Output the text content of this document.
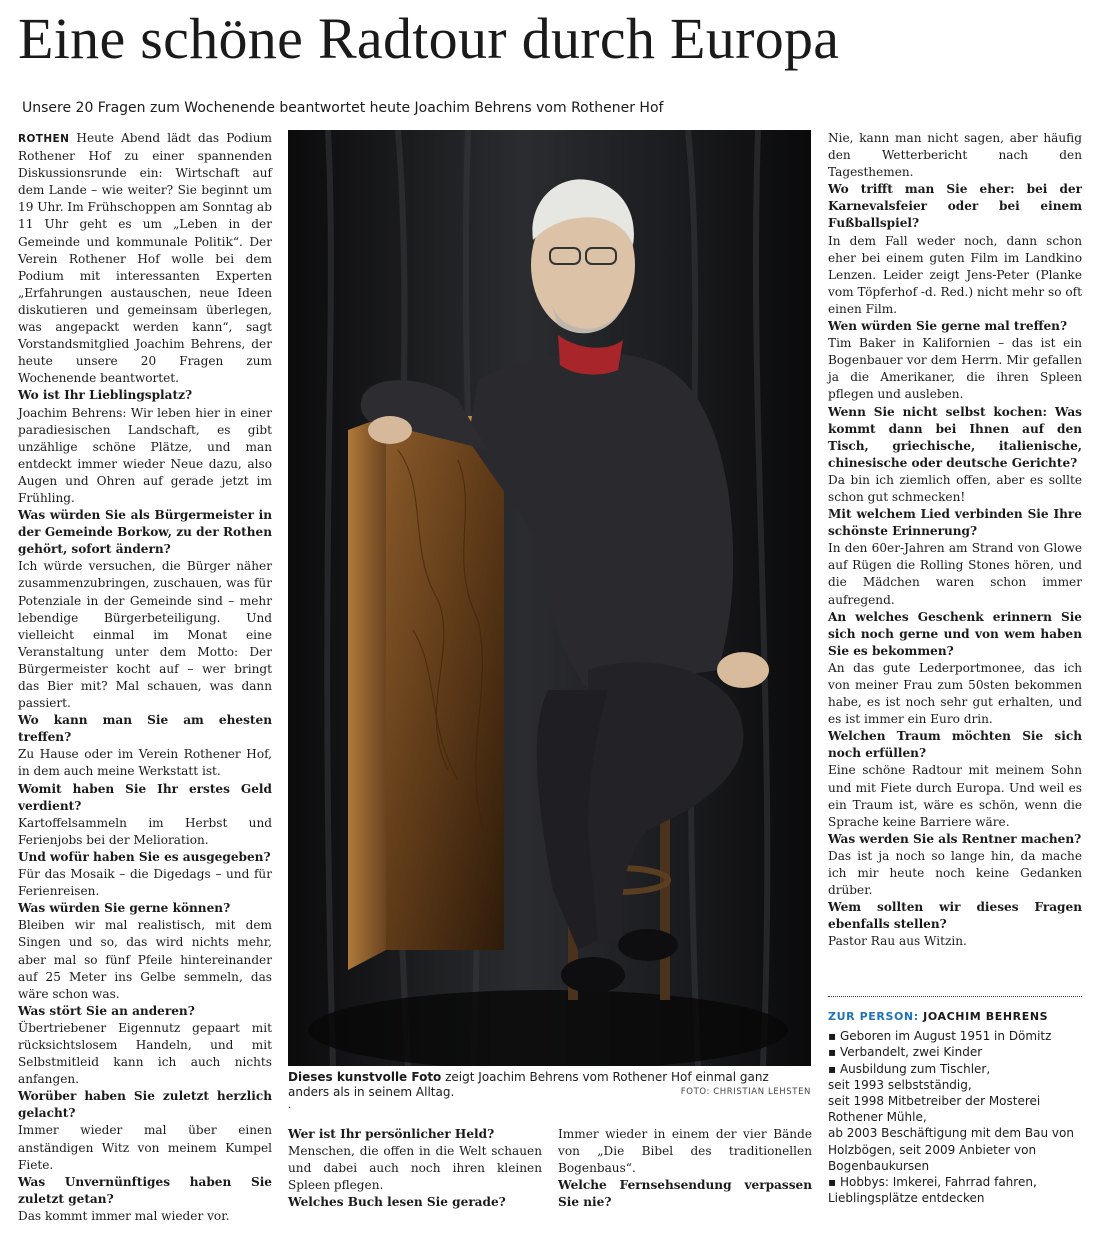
Eine schöne Radtour durch Europa
Unsere 20 Fragen zum Wochenende beantwortet heute Joachim Behrens vom Rothener Hof

ROTHEN Heute Abend lädt das Podium Rothener Hof zu einer spannenden Diskussionsrunde ein: Wirtschaft auf dem Lande – wie weiter? Sie beginnt um 19 Uhr. Im Frühschoppen am Sonntag ab 11 Uhr geht es um „Leben in der Gemeinde und kommunale Politik“. Der Verein Rothener Hof wolle bei dem Podium mit interessanten Experten „Erfahrungen austauschen, neue Ideen diskutieren und gemeinsam überlegen, was angepackt werden kann“, sagt Vorstandsmitglied Joachim Behrens, der heute unsere 20 Fragen zum Wochenende beantwortet.

Wo ist Ihr Lieblingsplatz?

Joachim Behrens: Wir leben hier in einer paradiesischen Landschaft, es gibt unzählige schöne Plätze, und man entdeckt immer wieder Neue dazu, also Augen und Ohren auf gerade jetzt im Frühling.

Was würden Sie als Bürgermeister in der Gemeinde Borkow, zu der Rothen gehört, sofort ändern?

Ich würde versuchen, die Bürger näher zusammenzubringen, zuschauen, was für Potenziale in der Gemeinde sind – mehr lebendige Bürgerbeteiligung. Und vielleicht einmal im Monat eine Veranstaltung unter dem Motto: Der Bürgermeister kocht auf – wer bringt das Bier mit? Mal schauen, was dann passiert.

Wo kann man Sie am ehesten treffen?

Zu Hause oder im Verein Rothener Hof, in dem auch meine Werkstatt ist.

Womit haben Sie Ihr erstes Geld verdient?

Kartoffelsammeln im Herbst und Ferienjobs bei der Melioration.

Und wofür haben Sie es ausgegeben?

Für das Mosaik – die Digedags – und für Ferienreisen.

Was würden Sie gerne können?

Bleiben wir mal realistisch, mit dem Singen und so, das wird nichts mehr, aber mal so fünf Pfeile hintereinander auf 25 Meter ins Gelbe semmeln, das wäre schon was.

Was stört Sie an anderen?

Übertriebener Eigennutz gepaart mit rücksichtslosem Handeln, und mit Selbstmitleid kann ich auch nichts anfangen.

Worüber haben Sie zuletzt herzlich gelacht?

Immer wieder mal über einen anständigen Witz von meinem Kumpel Fiete.

Was Unvernünftiges haben Sie zuletzt getan?

Das kommt immer mal wieder vor.

Dieses kunstvolle Foto zeigt Joachim Behrens vom Rothener Hof einmal ganz anders als in seinem Alltag.	FOTO: CHRISTIAN LEHSTEN
.

Wer ist Ihr persönlicher Held?

Menschen, die offen in die Welt schauen und dabei auch noch ihren kleinen Spleen pflegen.

Welches Buch lesen Sie gerade?

Immer wieder in einem der vier Bände von „Die Bibel des traditionellen Bogenbaus“.

Welche Fernsehsendung verpassen Sie nie?

Nie, kann man nicht sagen, aber häufig den Wetterbericht nach den Tagesthemen.

Wo trifft man Sie eher: bei der Karnevalsfeier oder bei einem Fußballspiel?

In dem Fall weder noch, dann schon eher bei einem guten Film im Landkino Lenzen. Leider zeigt Jens-Peter (Planke vom Töpferhof -d. Red.) nicht mehr so oft einen Film.

Wen würden Sie gerne mal treffen?

Tim Baker in Kalifornien – das ist ein Bogenbauer vor dem Herrn. Mir gefallen ja die Amerikaner, die ihren Spleen pflegen und ausleben.

Wenn Sie nicht selbst kochen: Was kommt dann bei Ihnen auf den Tisch, griechische, italienische, chinesische oder deutsche Gerichte?

Da bin ich ziemlich offen, aber es sollte schon gut schmecken!

Mit welchem Lied verbinden Sie Ihre schönste Erinnerung?

In den 60er-Jahren am Strand von Glowe auf Rügen die Rolling Stones hören, und die Mädchen waren schon immer aufregend.

An welches Geschenk erinnern Sie sich noch gerne und von wem haben Sie es bekommen?

An das gute Lederportmonee, das ich von meiner Frau zum 50sten bekommen habe, es ist noch sehr gut erhalten, und es ist immer ein Euro drin.

Welchen Traum möchten Sie sich noch erfüllen?

Eine schöne Radtour mit meinem Sohn und mit Fiete durch Europa. Und weil es ein Traum ist, wäre es schön, wenn die Sprache keine Barriere wäre.

Was werden Sie als Rentner machen?

Das ist ja noch so lange hin, da mache ich mir heute noch keine Gedanken drüber.

Wem sollten wir dieses Fragen ebenfalls stellen?

Pastor Rau aus Witzin.

ZUR PERSON: JOACHIM BEHRENS
▪ Geboren im August 1951 in Dömitz
▪ Verbandelt, zwei Kinder
▪ Ausbildung zum Tischler,
seit 1993 selbstständig,
seit 1998 Mitbetreiber der Mosterei Rothener Mühle,
ab 2003 Beschäftigung mit dem Bau von Holzbögen, seit 2009 Anbieter von Bogenbaukursen
▪ Hobbys: Imkerei, Fahrrad fahren, Lieblingsplätze entdecken
